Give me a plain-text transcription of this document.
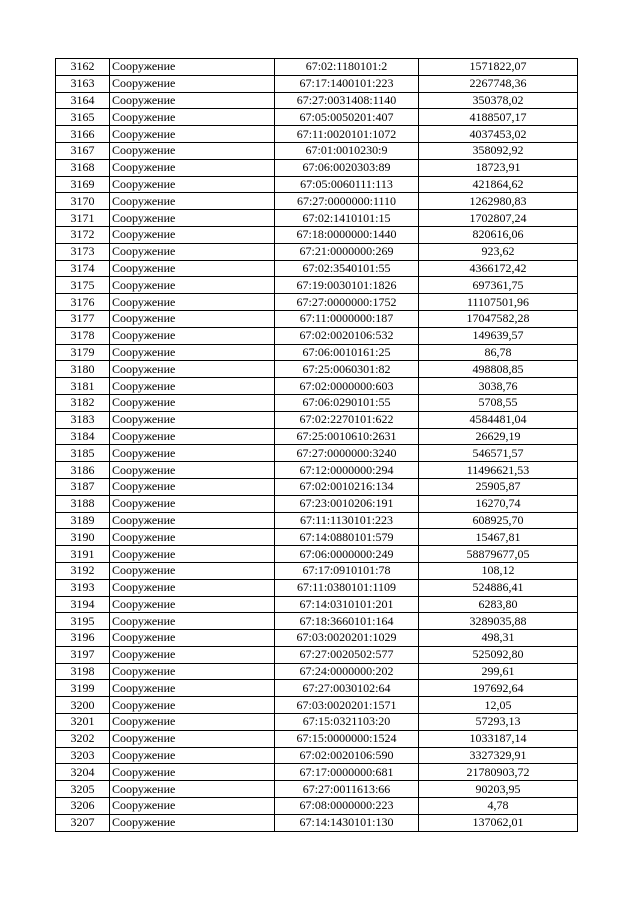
3162	Сооружение	67:02:1180101:2	1571822,07
3163	Сооружение	67:17:1400101:223	2267748,36
3164	Сооружение	67:27:0031408:1140	350378,02
3165	Сооружение	67:05:0050201:407	4188507,17
3166	Сооружение	67:11:0020101:1072	4037453,02
3167	Сооружение	67:01:0010230:9	358092,92
3168	Сооружение	67:06:0020303:89	18723,91
3169	Сооружение	67:05:0060111:113	421864,62
3170	Сооружение	67:27:0000000:1110	1262980,83
3171	Сооружение	67:02:1410101:15	1702807,24
3172	Сооружение	67:18:0000000:1440	820616,06
3173	Сооружение	67:21:0000000:269	923,62
3174	Сооружение	67:02:3540101:55	4366172,42
3175	Сооружение	67:19:0030101:1826	697361,75
3176	Сооружение	67:27:0000000:1752	11107501,96
3177	Сооружение	67:11:0000000:187	17047582,28
3178	Сооружение	67:02:0020106:532	149639,57
3179	Сооружение	67:06:0010161:25	86,78
3180	Сооружение	67:25:0060301:82	498808,85
3181	Сооружение	67:02:0000000:603	3038,76
3182	Сооружение	67:06:0290101:55	5708,55
3183	Сооружение	67:02:2270101:622	4584481,04
3184	Сооружение	67:25:0010610:2631	26629,19
3185	Сооружение	67:27:0000000:3240	546571,57
3186	Сооружение	67:12:0000000:294	11496621,53
3187	Сооружение	67:02:0010216:134	25905,87
3188	Сооружение	67:23:0010206:191	16270,74
3189	Сооружение	67:11:1130101:223	608925,70
3190	Сооружение	67:14:0880101:579	15467,81
3191	Сооружение	67:06:0000000:249	58879677,05
3192	Сооружение	67:17:0910101:78	108,12
3193	Сооружение	67:11:0380101:1109	524886,41
3194	Сооружение	67:14:0310101:201	6283,80
3195	Сооружение	67:18:3660101:164	3289035,88
3196	Сооружение	67:03:0020201:1029	498,31
3197	Сооружение	67:27:0020502:577	525092,80
3198	Сооружение	67:24:0000000:202	299,61
3199	Сооружение	67:27:0030102:64	197692,64
3200	Сооружение	67:03:0020201:1571	12,05
3201	Сооружение	67:15:0321103:20	57293,13
3202	Сооружение	67:15:0000000:1524	1033187,14
3203	Сооружение	67:02:0020106:590	3327329,91
3204	Сооружение	67:17:0000000:681	21780903,72
3205	Сооружение	67:27:0011613:66	90203,95
3206	Сооружение	67:08:0000000:223	4,78
3207	Сооружение	67:14:1430101:130	137062,01
